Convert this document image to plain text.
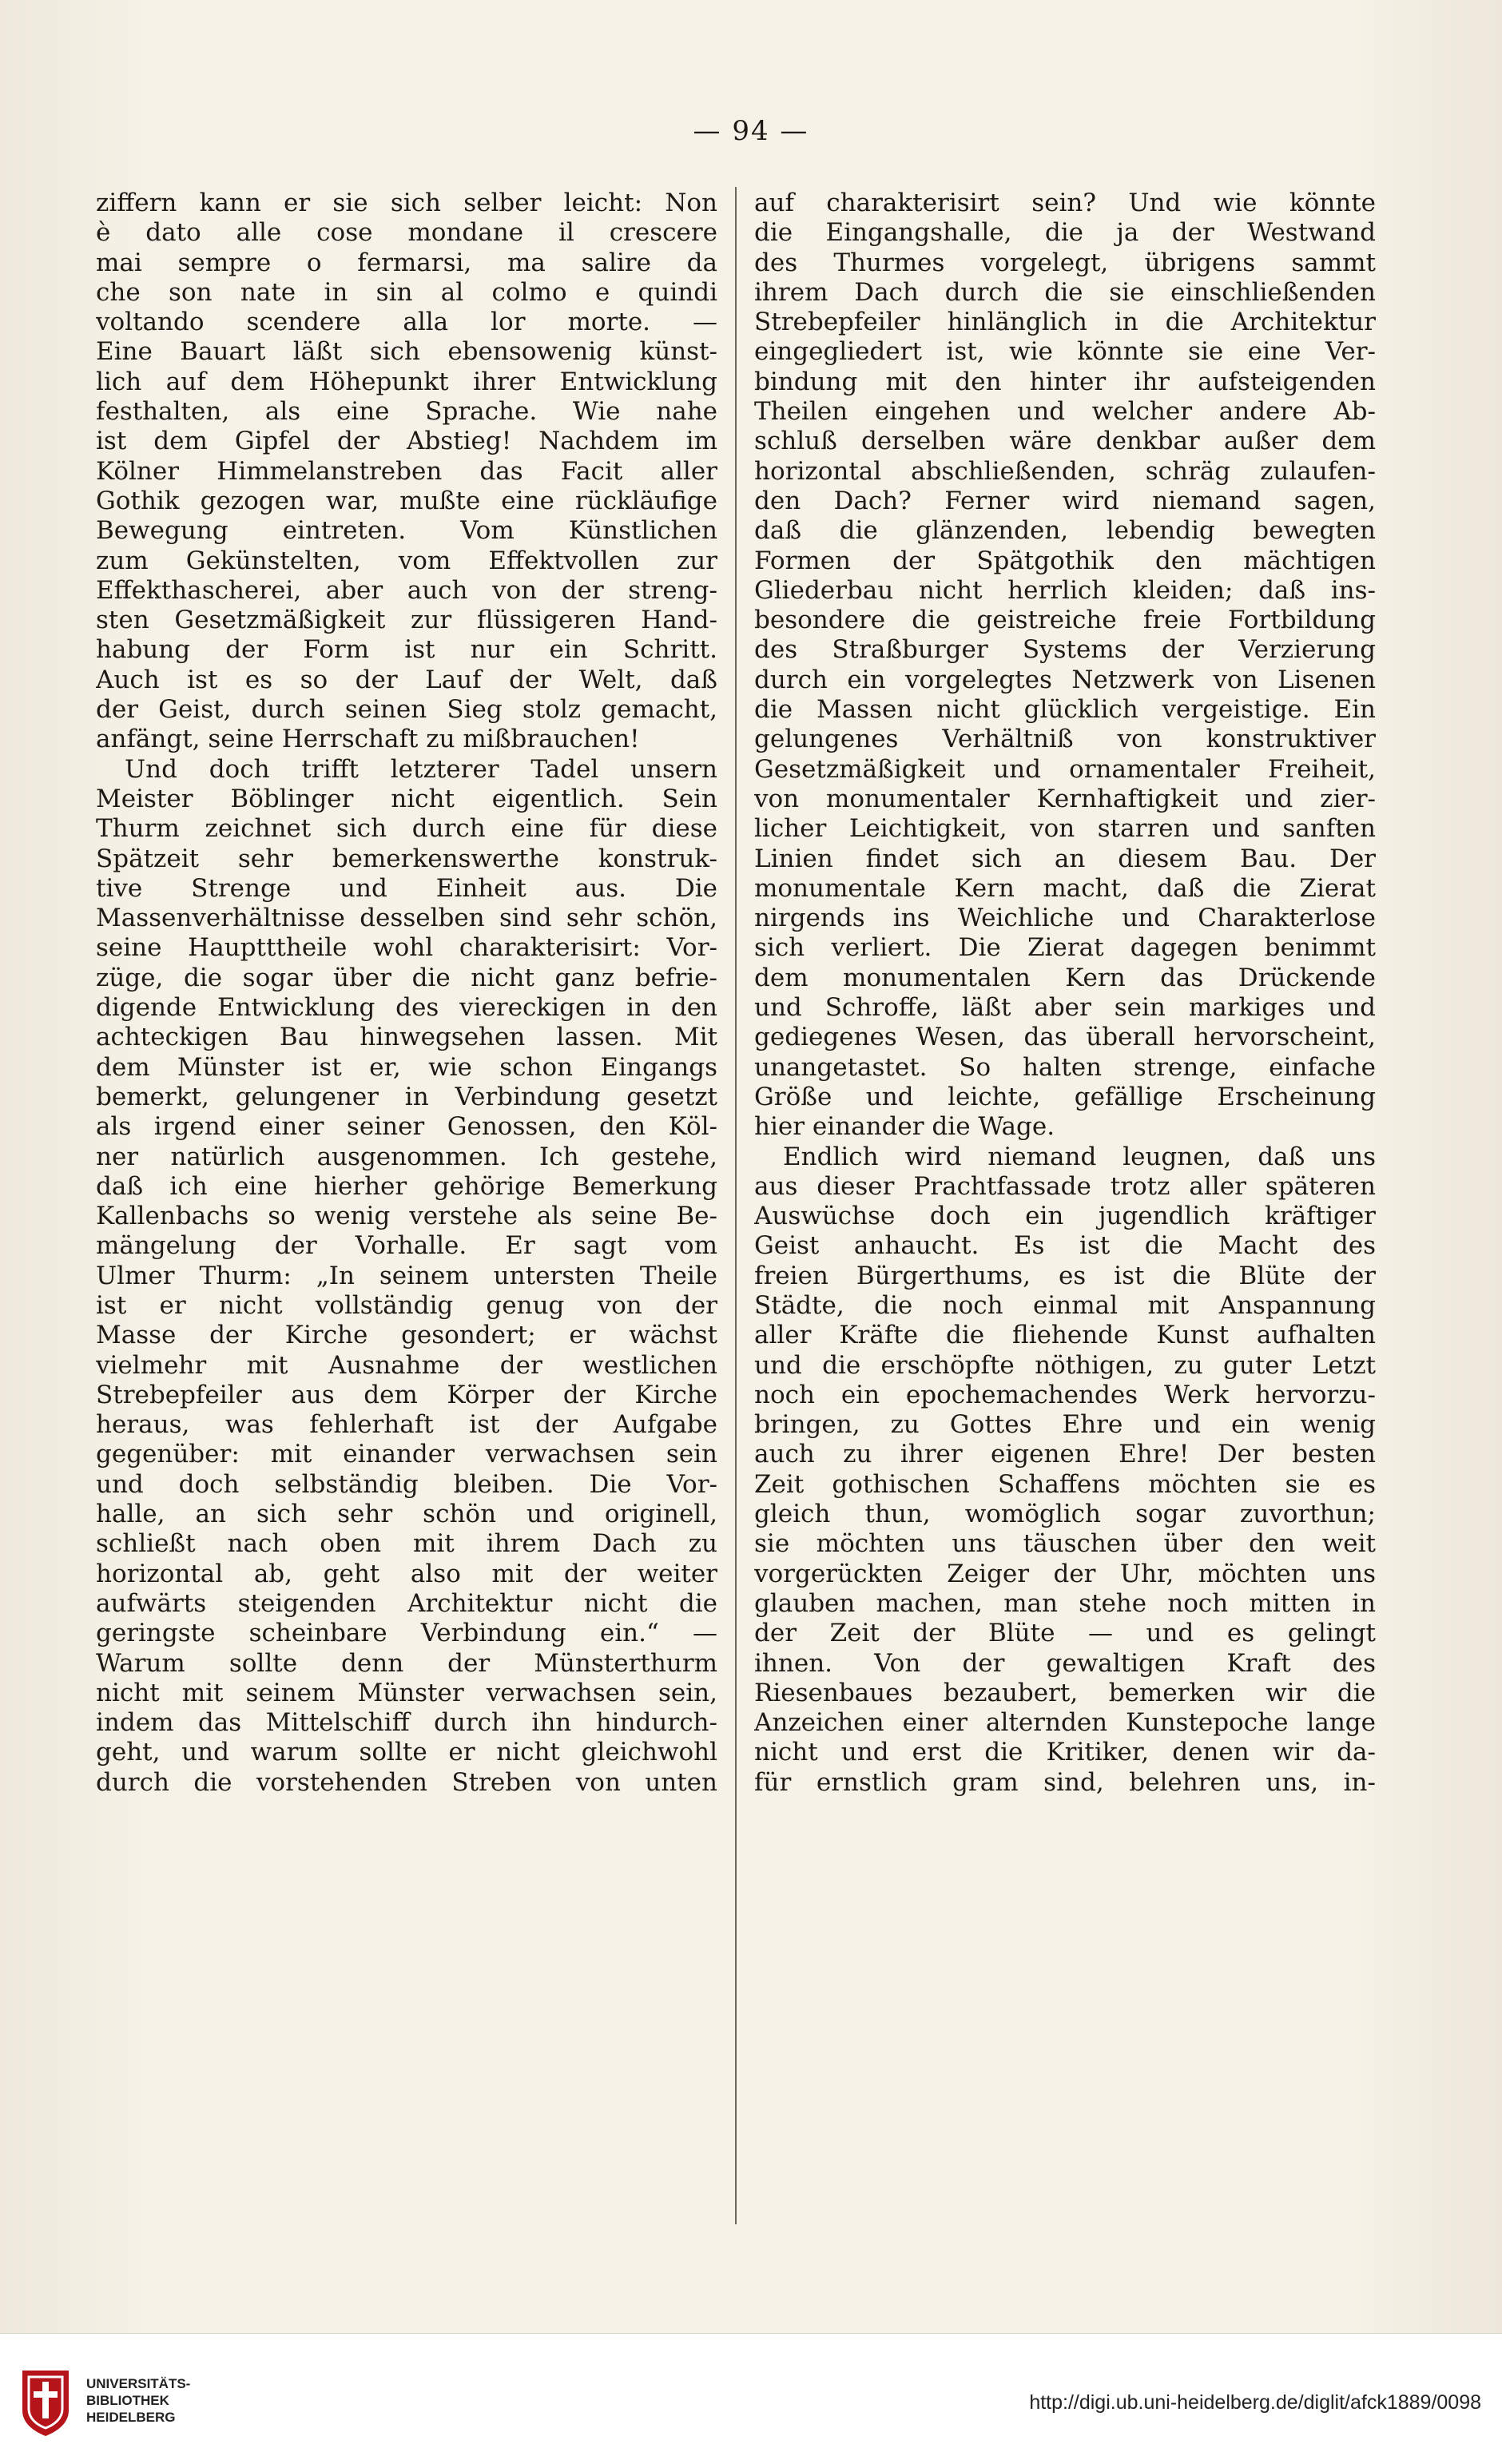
— 94 —
ziffern kann er sie sich selber leicht: Non
è dato alle cose mondane il crescere
mai sempre o fermarsi, ma salire da
che son nate in sin al colmo e quindi
voltando scendere alla lor morte. —
Eine Bauart läßt sich ebensowenig künst-
lich auf dem Höhepunkt ihrer Entwicklung
festhalten, als eine Sprache. Wie nahe
ist dem Gipfel der Abstieg! Nachdem im
Kölner Himmelanstreben das Facit aller
Gothik gezogen war, mußte eine rückläufige
Bewegung eintreten. Vom Künstlichen
zum Gekünstelten, vom Effektvollen zur
Effekthascherei, aber auch von der streng-
sten Gesetzmäßigkeit zur flüssigeren Hand-
habung der Form ist nur ein Schritt.
Auch ist es so der Lauf der Welt, daß
der Geist, durch seinen Sieg stolz gemacht,
anfängt, seine Herrschaft zu mißbrauchen!
Und doch trifft letzterer Tadel unsern
Meister Böblinger nicht eigentlich. Sein
Thurm zeichnet sich durch eine für diese
Spätzeit sehr bemerkenswerthe konstruk-
tive Strenge und Einheit aus. Die
Massenverhältnisse desselben sind sehr schön,
seine Hauptttheile wohl charakterisirt: Vor-
züge, die sogar über die nicht ganz befrie-
digende Entwicklung des viereckigen in den
achteckigen Bau hinwegsehen lassen. Mit
dem Münster ist er, wie schon Eingangs
bemerkt, gelungener in Verbindung gesetzt
als irgend einer seiner Genossen, den Köl-
ner natürlich ausgenommen. Ich gestehe,
daß ich eine hierher gehörige Bemerkung
Kallenbachs so wenig verstehe als seine Be-
mängelung der Vorhalle. Er sagt vom
Ulmer Thurm: „In seinem untersten Theile
ist er nicht vollständig genug von der
Masse der Kirche gesondert; er wächst
vielmehr mit Ausnahme der westlichen
Strebepfeiler aus dem Körper der Kirche
heraus, was fehlerhaft ist der Aufgabe
gegenüber: mit einander verwachsen sein
und doch selbständig bleiben. Die Vor-
halle, an sich sehr schön und originell,
schließt nach oben mit ihrem Dach zu
horizontal ab, geht also mit der weiter
aufwärts steigenden Architektur nicht die
geringste scheinbare Verbindung ein.“ —
Warum sollte denn der Münsterthurm
nicht mit seinem Münster verwachsen sein,
indem das Mittelschiff durch ihn hindurch-
geht, und warum sollte er nicht gleichwohl
durch die vorstehenden Streben von unten
auf charakterisirt sein? Und wie könnte
die Eingangshalle, die ja der Westwand
des Thurmes vorgelegt, übrigens sammt
ihrem Dach durch die sie einschließenden
Strebepfeiler hinlänglich in die Architektur
eingegliedert ist, wie könnte sie eine Ver-
bindung mit den hinter ihr aufsteigenden
Theilen eingehen und welcher andere Ab-
schluß derselben wäre denkbar außer dem
horizontal abschließenden, schräg zulaufen-
den Dach? Ferner wird niemand sagen,
daß die glänzenden, lebendig bewegten
Formen der Spätgothik den mächtigen
Gliederbau nicht herrlich kleiden; daß ins-
besondere die geistreiche freie Fortbildung
des Straßburger Systems der Verzierung
durch ein vorgelegtes Netzwerk von Lisenen
die Massen nicht glücklich vergeistige. Ein
gelungenes Verhältniß von konstruktiver
Gesetzmäßigkeit und ornamentaler Freiheit,
von monumentaler Kernhaftigkeit und zier-
licher Leichtigkeit, von starren und sanften
Linien findet sich an diesem Bau. Der
monumentale Kern macht, daß die Zierat
nirgends ins Weichliche und Charakterlose
sich verliert. Die Zierat dagegen benimmt
dem monumentalen Kern das Drückende
und Schroffe, läßt aber sein markiges und
gediegenes Wesen, das überall hervorscheint,
unangetastet. So halten strenge, einfache
Größe und leichte, gefällige Erscheinung
hier einander die Wage.
Endlich wird niemand leugnen, daß uns
aus dieser Prachtfassade trotz aller späteren
Auswüchse doch ein jugendlich kräftiger
Geist anhaucht. Es ist die Macht des
freien Bürgerthums, es ist die Blüte der
Städte, die noch einmal mit Anspannung
aller Kräfte die fliehende Kunst aufhalten
und die erschöpfte nöthigen, zu guter Letzt
noch ein epochemachendes Werk hervorzu-
bringen, zu Gottes Ehre und ein wenig
auch zu ihrer eigenen Ehre! Der besten
Zeit gothischen Schaffens möchten sie es
gleich thun, womöglich sogar zuvorthun;
sie möchten uns täuschen über den weit
vorgerückten Zeiger der Uhr, möchten uns
glauben machen, man stehe noch mitten in
der Zeit der Blüte — und es gelingt
ihnen. Von der gewaltigen Kraft des
Riesenbaues bezaubert, bemerken wir die
Anzeichen einer alternden Kunstepoche lange
nicht und erst die Kritiker, denen wir da-
für ernstlich gram sind, belehren uns, in-
UNIVERSITÄTS-
BIBLIOTHEK
HEIDELBERG
http://digi.ub.uni-heidelberg.de/diglit/afck1889/0098
